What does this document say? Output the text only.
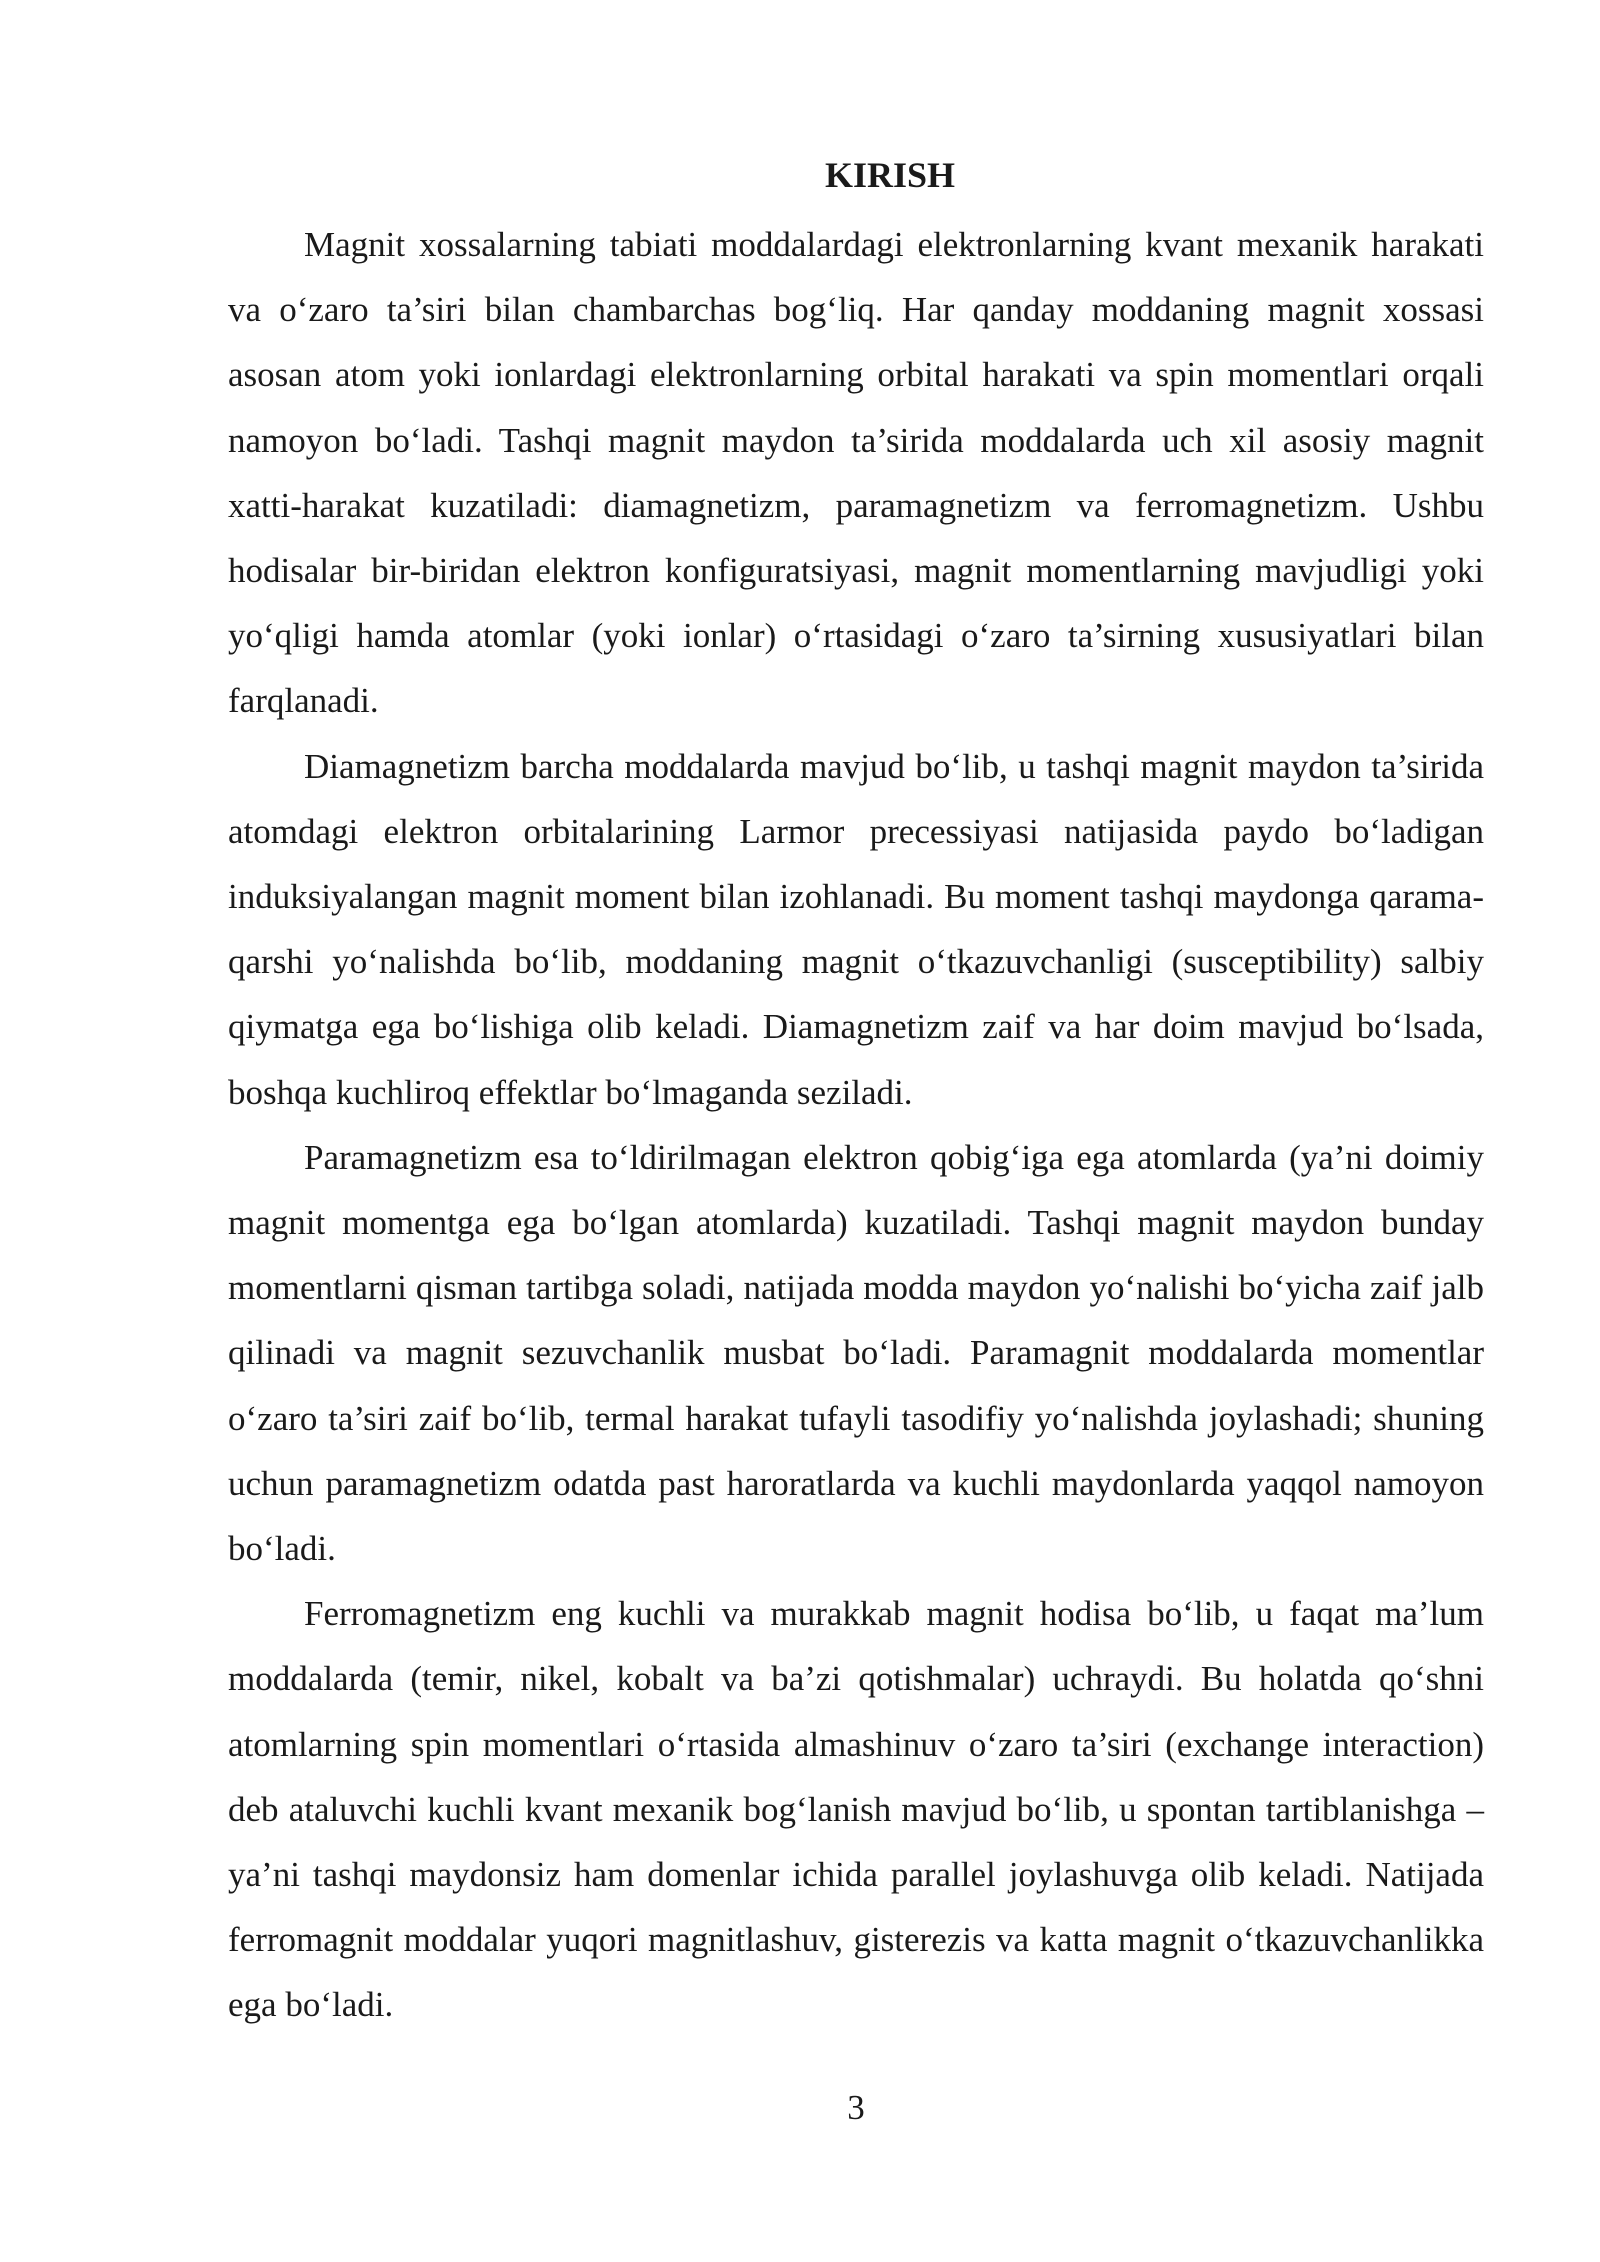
KIRISH

Magnit xossalarning tabiati moddalardagi elektronlarning kvant mexanik harakati va o‘zaro ta’siri bilan chambarchas bog‘liq. Har qanday moddaning magnit xossasi asosan atom yoki ionlardagi elektronlarning orbital harakati va spin momentlari orqali namoyon bo‘ladi. Tashqi magnit maydon ta’sirida moddalarda uch xil asosiy magnit xatti-harakat kuzatiladi: diamagnetizm, paramagnetizm va ferromagnetizm. Ushbu hodisalar bir-biridan elektron konfiguratsiyasi, magnit momentlarning mavjudligi yoki yo‘qligi hamda atomlar (yoki ionlar) o‘rtasidagi o‘zaro ta’sirning xususiyatlari bilan farqlanadi.

Diamagnetizm barcha moddalarda mavjud bo‘lib, u tashqi magnit maydon ta’sirida atomdagi elektron orbitalarining Larmor precessiyasi natijasida paydo bo‘ladigan induksiyalangan magnit moment bilan izohlanadi. Bu moment tashqi maydonga qarama-qarshi yo‘nalishda bo‘lib, moddaning magnit o‘tkazuvchanligi (susceptibility) salbiy qiymatga ega bo‘lishiga olib keladi. Diamagnetizm zaif va har doim mavjud bo‘lsada, boshqa kuchliroq effektlar bo‘lmaganda seziladi.

Paramagnetizm esa to‘ldirilmagan elektron qobig‘iga ega atomlarda (ya’ni doimiy magnit momentga ega bo‘lgan atomlarda) kuzatiladi. Tashqi magnit maydon bunday momentlarni qisman tartibga soladi, natijada modda maydon yo‘nalishi bo‘yicha zaif jalb qilinadi va magnit sezuvchanlik musbat bo‘ladi. Paramagnit moddalarda momentlar o‘zaro ta’siri zaif bo‘lib, termal harakat tufayli tasodifiy yo‘nalishda joylashadi; shuning uchun paramagnetizm odatda past haroratlarda va kuchli maydonlarda yaqqol namoyon bo‘ladi.

Ferromagnetizm eng kuchli va murakkab magnit hodisa bo‘lib, u faqat ma’lum moddalarda (temir, nikel, kobalt va ba’zi qotishmalar) uchraydi. Bu holatda qo‘shni atomlarning spin momentlari o‘rtasida almashinuv o‘zaro ta’siri (exchange interaction) deb ataluvchi kuchli kvant mexanik bog‘lanish mavjud bo‘lib, u spontan tartiblanishga – ya’ni tashqi maydonsiz ham domenlar ichida parallel joylashuvga olib keladi. Natijada ferromagnit moddalar yuqori magnitlashuv, gisterezis va katta magnit o‘tkazuvchanlikka ega bo‘ladi.

3
